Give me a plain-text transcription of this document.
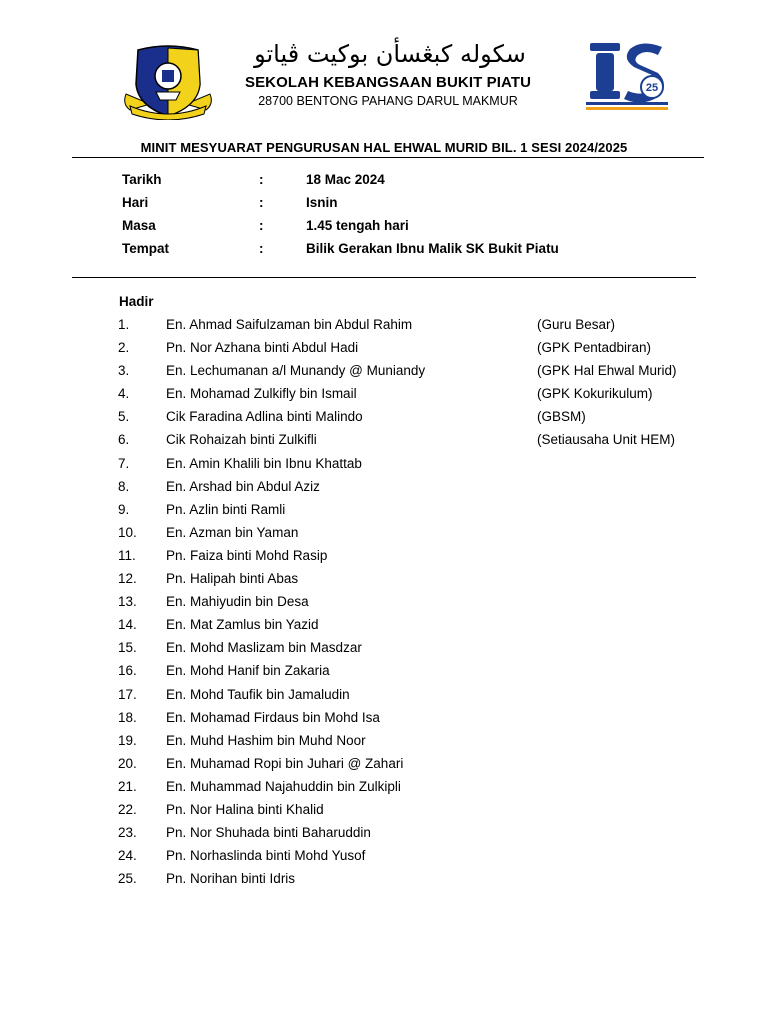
سكوله كبڠسأن بوكيت ڤياتو
SEKOLAH KEBANGSAAN BUKIT PIATU
28700 BENTONG PAHANG DARUL MAKMUR
25
MINIT MESYUARAT PENGURUSAN HAL EHWAL MURID BIL. 1 SESI 2024/2025
Tarikh	:	18 Mac 2024
Hari	:	Isnin
Masa	:	1.45 tengah hari
Tempat	:	Bilik Gerakan Ibnu Malik SK Bukit Piatu
Hadir
1.	En. Ahmad Saifulzaman bin Abdul Rahim	(Guru Besar)
2.	Pn. Nor Azhana binti Abdul Hadi	(GPK Pentadbiran)
3.	En. Lechumanan a/l Munandy @ Muniandy	(GPK Hal Ehwal Murid)
4.	En. Mohamad Zulkifly bin Ismail	(GPK Kokurikulum)
5.	Cik Faradina Adlina binti Malindo	(GBSM)
6.	Cik Rohaizah binti Zulkifli	(Setiausaha Unit HEM)
7.	En. Amin Khalili bin Ibnu Khattab
8.	En. Arshad bin Abdul Aziz
9.	Pn. Azlin binti Ramli
10. En. Azman bin Yaman
11. Pn. Faiza binti Mohd Rasip
12. Pn. Halipah binti Abas
13. En. Mahiyudin bin Desa
14. En. Mat Zamlus bin Yazid
15. En. Mohd Maslizam bin Masdzar
16. En. Mohd Hanif bin Zakaria
17. En. Mohd Taufik bin Jamaludin
18. En. Mohamad Firdaus bin Mohd Isa
19. En. Muhd Hashim bin Muhd Noor
20. En. Muhamad Ropi bin Juhari @ Zahari
21. En. Muhammad Najahuddin bin Zulkipli
22. Pn. Nor Halina binti Khalid
23. Pn. Nor Shuhada binti Baharuddin
24. Pn. Norhaslinda binti Mohd Yusof
25. Pn. Norihan binti Idris
